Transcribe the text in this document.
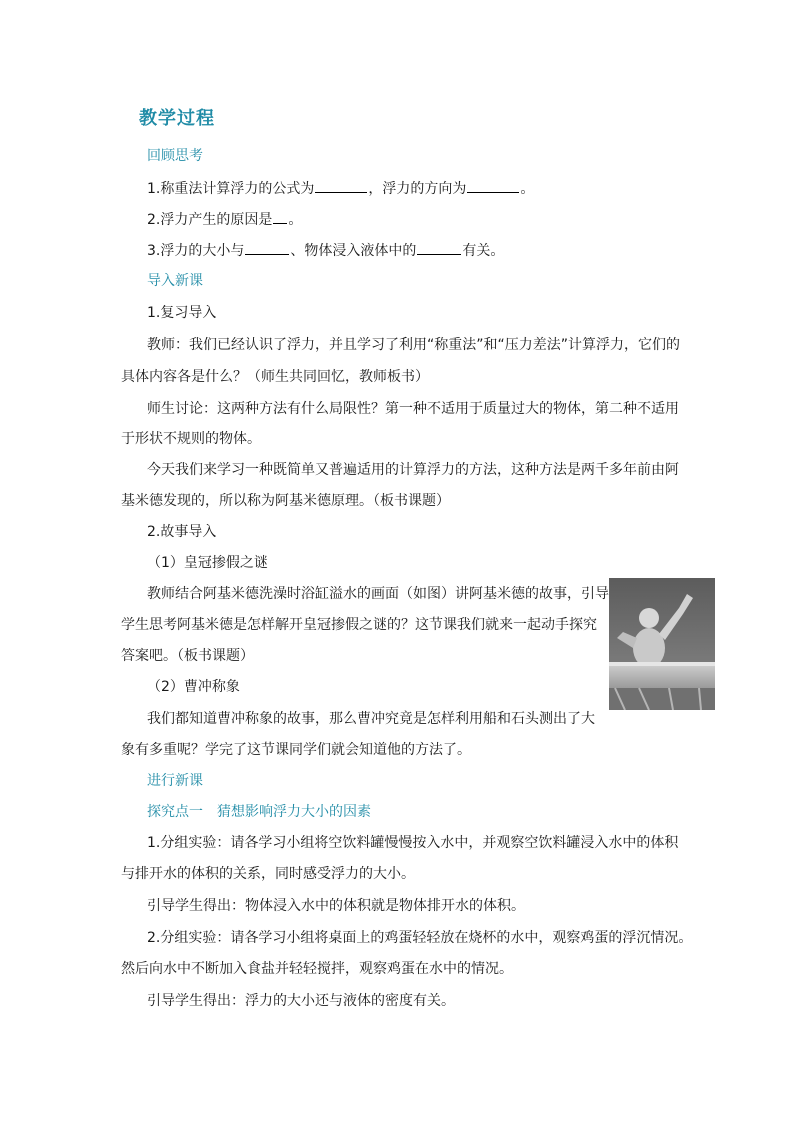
教学过程
回顾思考
1.称重法计算浮力的公式为	，浮力的方向为	。
2.浮力产生的原因是 。
3.浮力的大小与	、物体浸入液体中的	有关。
导入新课
1.复习导入
教师：我们已经认识了浮力，并且学习了利用“称重法”和“压力差法”计算浮力，它们的
具体内容各是什么？（师生共同回忆，教师板书）
师生讨论：这两种方法有什么局限性？第一种不适用于质量过大的物体，第二种不适用
于形状不规则的物体。
今天我们来学习一种既简单又普遍适用的计算浮力的方法，这种方法是两千多年前由阿
基米德发现的，所以称为阿基米德原理。（板书课题）
2.故事导入
（1）皇冠掺假之谜
教师结合阿基米德洗澡时浴缸溢水的画面（如图）讲阿基米德的故事，引导
学生思考阿基米德是怎样解开皇冠掺假之谜的？这节课我们就来一起动手探究
答案吧。（板书课题）
（2）曹冲称象
我们都知道曹冲称象的故事，那么曹冲究竟是怎样利用船和石头测出了大
象有多重呢？学完了这节课同学们就会知道他的方法了。
进行新课
探究点一　猜想影响浮力大小的因素
1.分组实验：请各学习小组将空饮料罐慢慢按入水中，并观察空饮料罐浸入水中的体积
与排开水的体积的关系，同时感受浮力的大小。
引导学生得出：物体浸入水中的体积就是物体排开水的体积。
2.分组实验：请各学习小组将桌面上的鸡蛋轻轻放在烧杯的水中，观察鸡蛋的浮沉情况。
然后向水中不断加入食盐并轻轻搅拌，观察鸡蛋在水中的情况。
引导学生得出：浮力的大小还与液体的密度有关。
